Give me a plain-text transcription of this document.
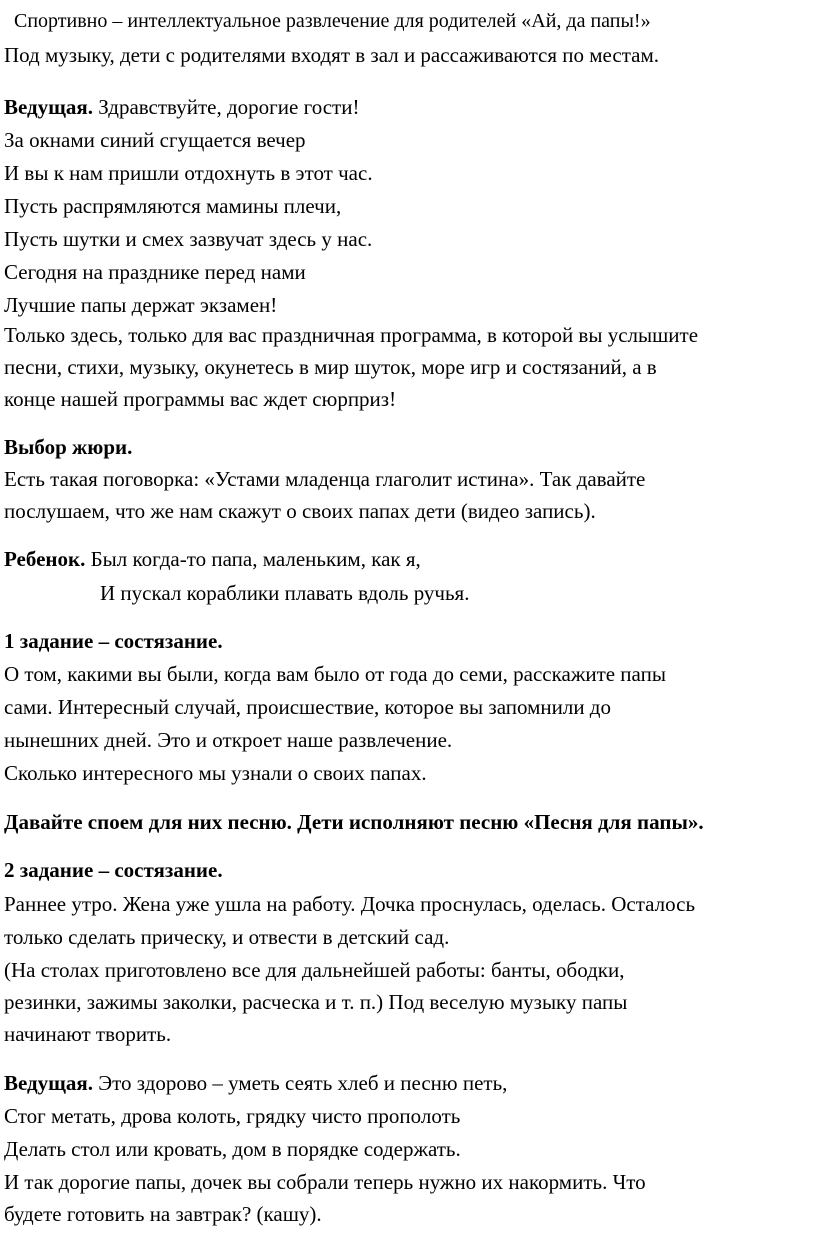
Спортивно – интеллектуальное развлечение для родителей «Ай, да папы!»
Под музыку, дети с родителями входят в зал и рассаживаются по местам.
Ведущая. Здравствуйте, дорогие гости!
За окнами синий сгущается вечер
И вы к нам пришли отдохнуть в этот час.
Пусть распрямляются мамины плечи,
Пусть шутки и смех зазвучат здесь у нас.
Сегодня на празднике перед нами
Лучшие папы держат экзамен!
Только здесь, только для вас праздничная программа, в которой вы услышите
песни, стихи, музыку, окунетесь в мир шуток, море игр и состязаний, а в
конце нашей программы вас ждет сюрприз!
Выбор жюри.
Есть такая поговорка: «Устами младенца глаголит истина». Так давайте
послушаем, что же нам скажут о своих папах дети (видео запись).
Ребенок. Был когда-то папа, маленьким, как я,
И пускал кораблики плавать вдоль ручья.
1 задание – состязание.
О том, какими вы были, когда вам было от года до семи, расскажите папы
сами. Интересный случай, происшествие, которое вы запомнили до
нынешних дней. Это и откроет наше развлечение.
Сколько интересного мы узнали о своих папах.
Давайте споем для них песню. Дети исполняют песню «Песня для папы».
2 задание – состязание.
Раннее утро. Жена уже ушла на работу. Дочка проснулась, оделась. Осталось
только сделать прическу, и отвести в детский сад.
(На столах приготовлено все для дальнейшей работы: банты, ободки,
резинки, зажимы заколки, расческа и т. п.) Под веселую музыку папы
начинают творить.
Ведущая. Это здорово – уметь сеять хлеб и песню петь,
Стог метать, дрова колоть, грядку чисто прополоть
Делать стол или кровать, дом в порядке содержать.
И так дорогие папы, дочек вы собрали теперь нужно их накормить. Что
будете готовить на завтрак? (кашу).
